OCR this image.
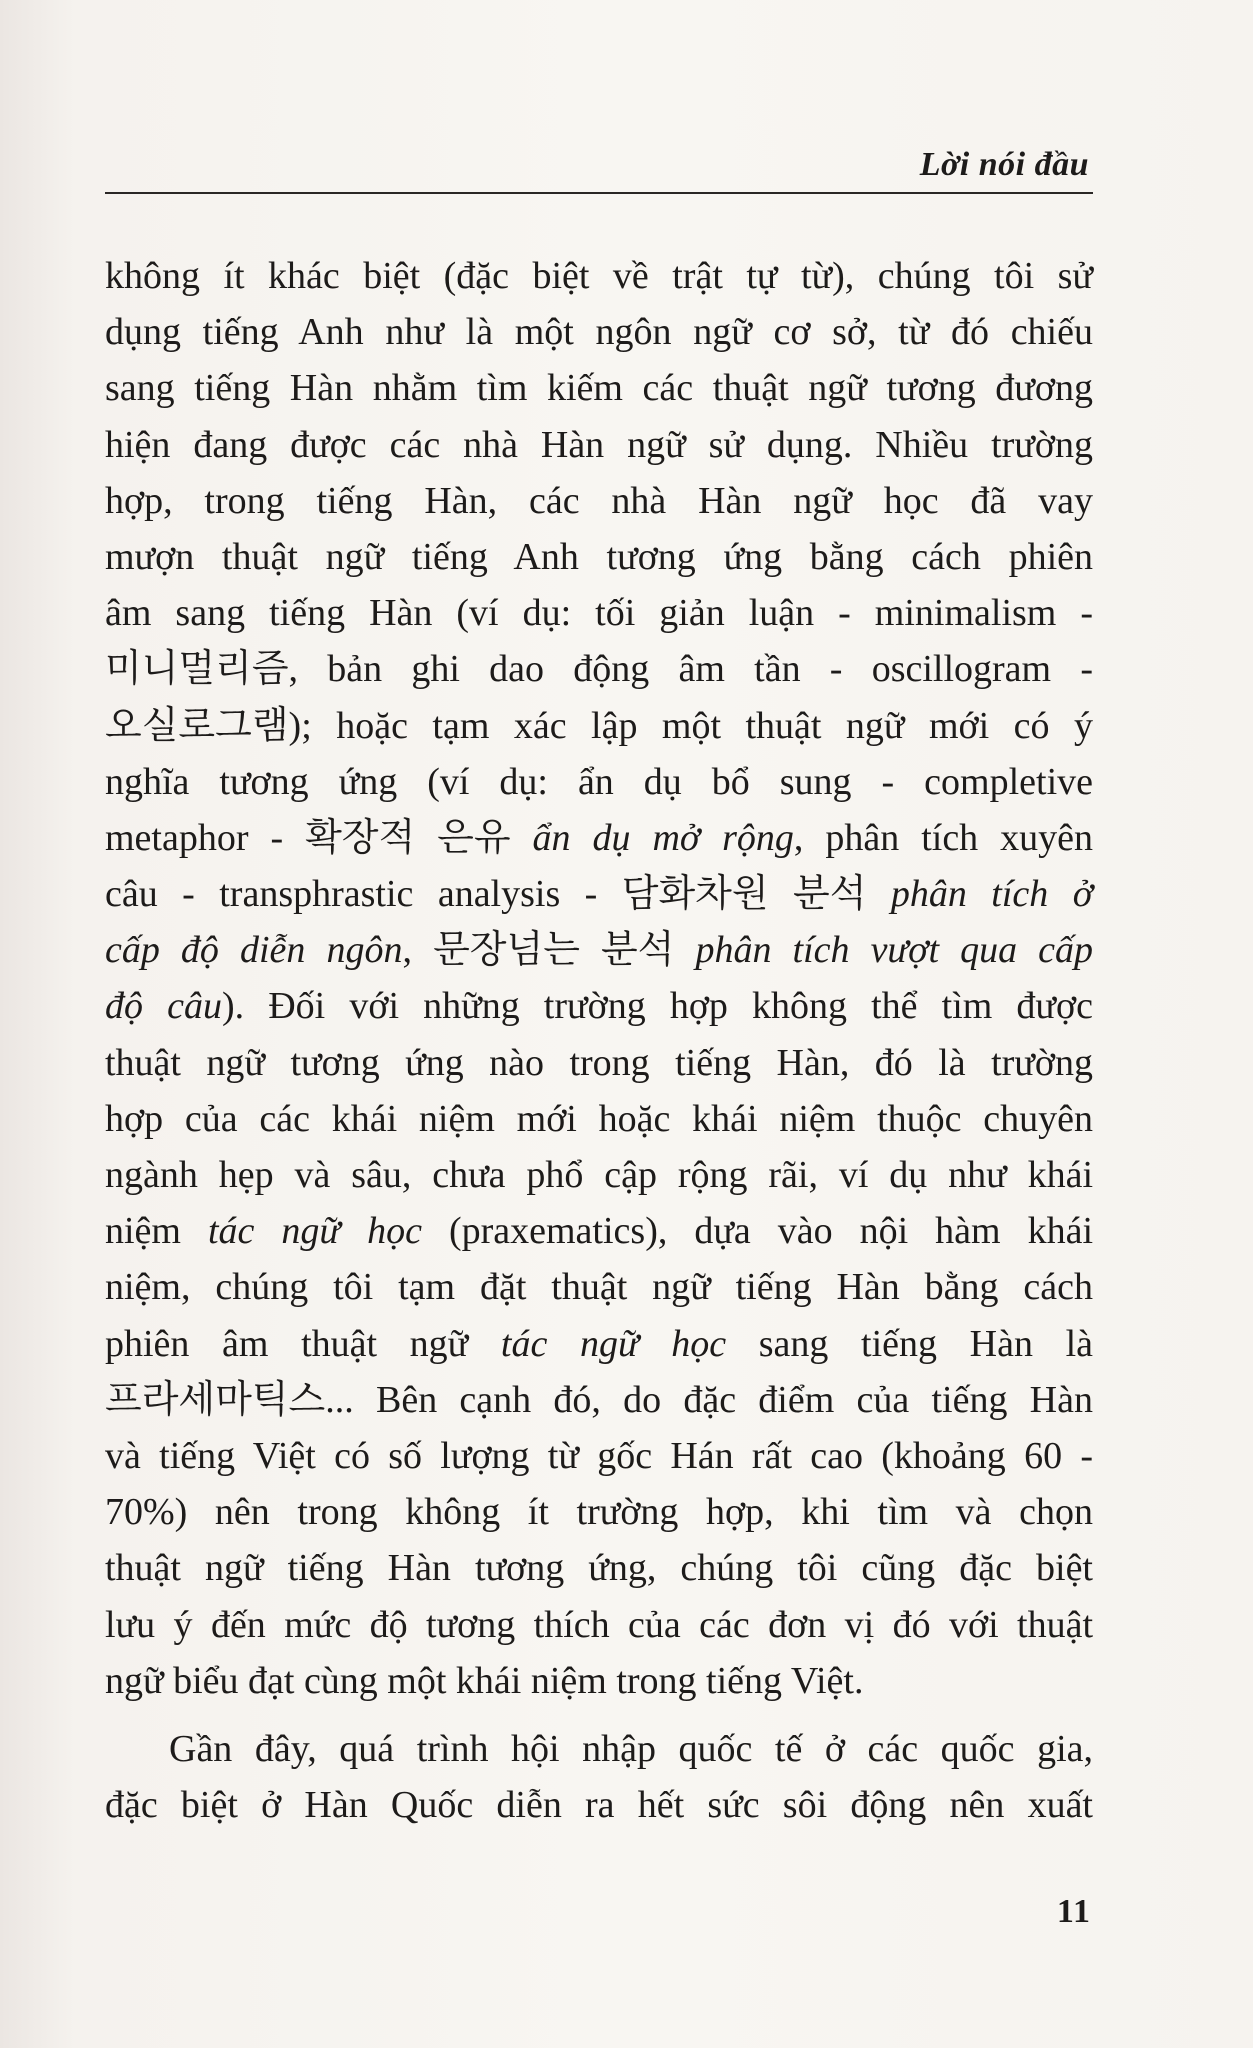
Lời nói đầu
không ít khác biệt (đặc biệt về trật tự từ), chúng tôi sử
dụng tiếng Anh như là một ngôn ngữ cơ sở, từ đó chiếu
sang tiếng Hàn nhằm tìm kiếm các thuật ngữ tương đương
hiện đang được các nhà Hàn ngữ sử dụng. Nhiều trường
hợp, trong tiếng Hàn, các nhà Hàn ngữ học đã vay
mượn thuật ngữ tiếng Anh tương ứng bằng cách phiên
âm sang tiếng Hàn (ví dụ: tối giản luận - minimalism -
미니멀리즘, bản ghi dao động âm tần - oscillogram -
오실로그램); hoặc tạm xác lập một thuật ngữ mới có ý
nghĩa tương ứng (ví dụ: ẩn dụ bổ sung - completive
metaphor - 확장적 은유 ẩn dụ mở rộng, phân tích xuyên
câu - transphrastic analysis - 담화차원 분석 phân tích ở
cấp độ diễn ngôn, 문장넘는 분석 phân tích vượt qua cấp
độ câu). Đối với những trường hợp không thể tìm được
thuật ngữ tương ứng nào trong tiếng Hàn, đó là trường
hợp của các khái niệm mới hoặc khái niệm thuộc chuyên
ngành hẹp và sâu, chưa phổ cập rộng rãi, ví dụ như khái
niệm tác ngữ học (praxematics), dựa vào nội hàm khái
niệm, chúng tôi tạm đặt thuật ngữ tiếng Hàn bằng cách
phiên âm thuật ngữ tác ngữ học sang tiếng Hàn là
프라세마틱스... Bên cạnh đó, do đặc điểm của tiếng Hàn
và tiếng Việt có số lượng từ gốc Hán rất cao (khoảng 60 -
70%) nên trong không ít trường hợp, khi tìm và chọn
thuật ngữ tiếng Hàn tương ứng, chúng tôi cũng đặc biệt
lưu ý đến mức độ tương thích của các đơn vị đó với thuật
ngữ biểu đạt cùng một khái niệm trong tiếng Việt.
Gần đây, quá trình hội nhập quốc tế ở các quốc gia,
đặc biệt ở Hàn Quốc diễn ra hết sức sôi động nên xuất
11
